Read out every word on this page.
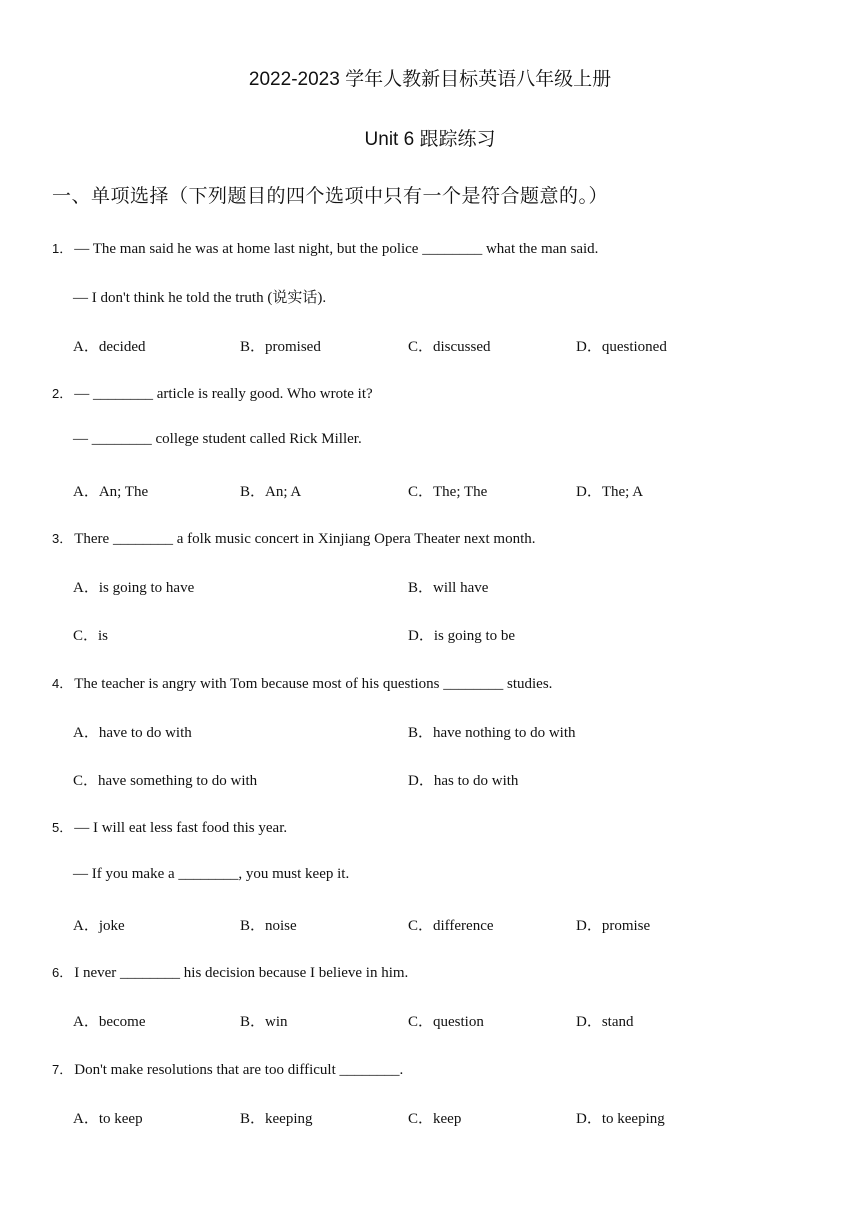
2022-2023 学年人教新目标英语八年级上册
Unit 6 跟踪练习
一、单项选择（下列题目的四个选项中只有一个是符合题意的。）
1． — The man said he was at home last night, but the police ________ what the man said.
— I don't think he told the truth (说实话).
A．decided	B．promised	C．discussed	D．questioned
2． — ________ article is really good. Who wrote it?
— ________ college student called Rick Miller.
A．An; The	B．An; A	C．The; The	D．The; A
3． There ________ a folk music concert in Xinjiang Opera Theater next month.
A．is going to have	B．will have
C．is	D．is going to be
4． The teacher is angry with Tom because most of his questions ________ studies.
A．have to do with	B．have nothing to do with
C．have something to do with	D．has to do with
5． — I will eat less fast food this year.
— If you make a ________, you must keep it.
A．joke	B．noise	C．difference	D．promise
6． I never ________ his decision because I believe in him.
A．become	B．win	C．question	D．stand
7． Don't make resolutions that are too difficult ________.
A．to keep	B．keeping	C．keep	D．to keeping
